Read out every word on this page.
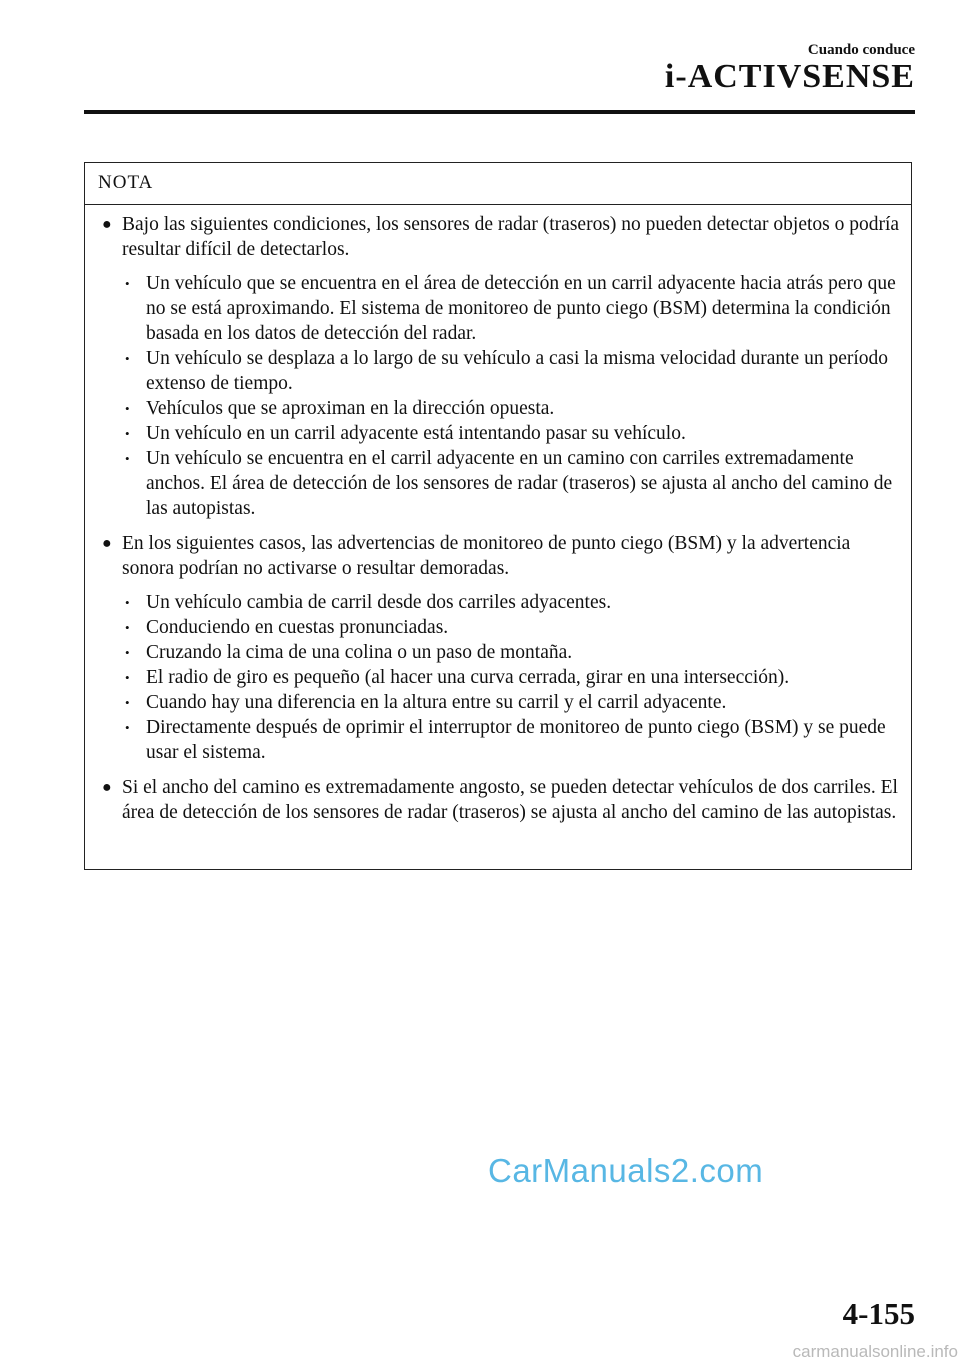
Cuando conduce
i-ACTIVSENSE
NOTA
● Bajo las siguientes condiciones, los sensores de radar (traseros) no pueden detectar objetos o podría resultar difícil de detectarlos.
• Un vehículo que se encuentra en el área de detección en un carril adyacente hacia atrás pero que no se está aproximando. El sistema de monitoreo de punto ciego (BSM) determina la condición basada en los datos de detección del radar.
• Un vehículo se desplaza a lo largo de su vehículo a casi la misma velocidad durante un período extenso de tiempo.
• Vehículos que se aproximan en la dirección opuesta.
• Un vehículo en un carril adyacente está intentando pasar su vehículo.
• Un vehículo se encuentra en el carril adyacente en un camino con carriles extremadamente anchos. El área de detección de los sensores de radar (traseros) se ajusta al ancho del camino de las autopistas.
● En los siguientes casos, las advertencias de monitoreo de punto ciego (BSM) y la advertencia sonora podrían no activarse o resultar demoradas.
• Un vehículo cambia de carril desde dos carriles adyacentes.
• Conduciendo en cuestas pronunciadas.
• Cruzando la cima de una colina o un paso de montaña.
• El radio de giro es pequeño (al hacer una curva cerrada, girar en una intersección).
• Cuando hay una diferencia en la altura entre su carril y el carril adyacente.
• Directamente después de oprimir el interruptor de monitoreo de punto ciego (BSM) y se puede usar el sistema.
● Si el ancho del camino es extremadamente angosto, se pueden detectar vehículos de dos carriles. El área de detección de los sensores de radar (traseros) se ajusta al ancho del camino de las autopistas.
CarManuals2.com
4-155
carmanualsonline.info
